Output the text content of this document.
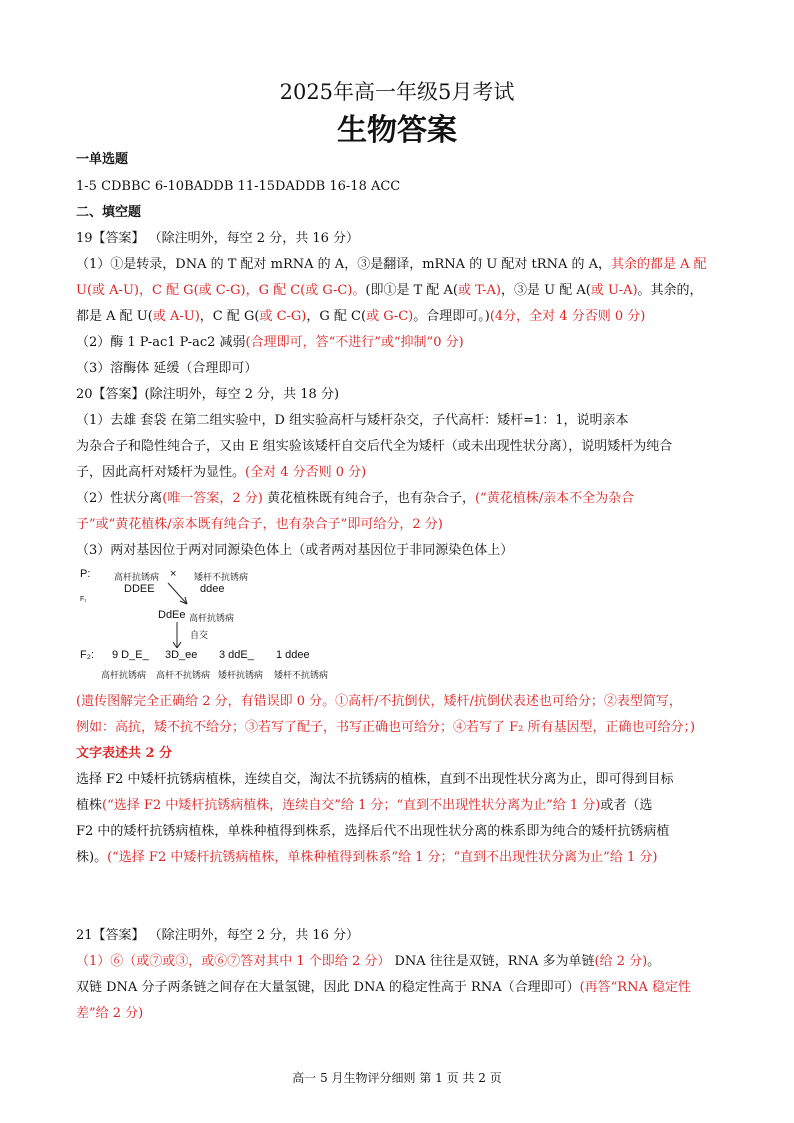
2025年高一年级5月考试
生物答案
一单选题
1-5 CDBBC 6-10BADDB 11-15DADDB 16-18 ACC
二、填空题
19【答案】 （除注明外，每空 2 分，共 16 分）
（1）①是转录，DNA 的 T 配对 mRNA 的 A，③是翻译，mRNA 的 U 配对 tRNA 的 A，其余的都是 A 配
U(或 A-U)，C 配 G(或 C-G)，G 配 C(或 G-C)。(即①是 T 配 A(或 T-A)，③是 U 配 A(或 U-A)。其余的，
都是 A 配 U(或 A-U)，C 配 G(或 C-G)，G 配 C(或 G-C)。合理即可。)(4分，全对 4 分否则 0 分)
（2）酶 1 P-ac1 P-ac2 减弱(合理即可，答“不进行”或“抑制”0 分)
（3）溶酶体 延缓（合理即可）
20【答案】(除注明外，每空 2 分，共 18 分)
（1）去雄 套袋 在第二组实验中，D 组实验高杆与矮杆杂交，子代高杆：矮杆=1：1，说明亲本
为杂合子和隐性纯合子，又由 E 组实验该矮杆自交后代全为矮杆（或未出现性状分离），说明矮杆为纯合
子，因此高杆对矮杆为显性。(全对 4 分否则 0 分)
（2）性状分离(唯一答案，2 分) 黄花植株既有纯合子，也有杂合子，(“黄花植株/亲本不全为杂合
子”或“黄花植株/亲本既有纯合子，也有杂合子”即可给分，2 分)
（3）两对基因位于两对同源染色体上（或者两对基因位于非同源染色体上）
P:	高杆抗锈病 × 矮杆不抗锈病
DDEE	ddee
F₁
DdEe 高杆抗锈病
自交
F₂: 9 D_E_ 3D_ee 3 ddE_ 1 ddee
高杆抗锈病 高杆不抗锈病 矮杆抗锈病 矮杆不抗锈病
(遗传图解完全正确给 2 分，有错误即 0 分。①高杆/不抗倒伏，矮杆/抗倒伏表述也可给分；②表型简写，
例如：高抗，矮不抗不给分；③若写了配子，书写正确也可给分；④若写了 F₂ 所有基因型，正确也可给分；)
文字表述共 2 分
选择 F2 中矮杆抗锈病植株，连续自交，淘汰不抗锈病的植株，直到不出现性状分离为止，即可得到目标
植株(“选择 F2 中矮杆抗锈病植株，连续自交”给 1 分；“直到不出现性状分离为止”给 1 分)或者（选
F2 中的矮杆抗锈病植株，单株种植得到株系，选择后代不出现性状分离的株系即为纯合的矮杆抗锈病植
株)。(“选择 F2 中矮杆抗锈病植株，单株种植得到株系”给 1 分；“直到不出现性状分离为止”给 1 分)
21【答案】 （除注明外，每空 2 分，共 16 分）
（1）⑥（或⑦或③，或⑥⑦答对其中 1 个即给 2 分） DNA 往往是双链，RNA 多为单链(给 2 分)。
双链 DNA 分子两条链之间存在大量氢键，因此 DNA 的稳定性高于 RNA（合理即可）(再答“RNA 稳定性
差”给 2 分)
高一 5 月生物评分细则 第 1 页 共 2 页
